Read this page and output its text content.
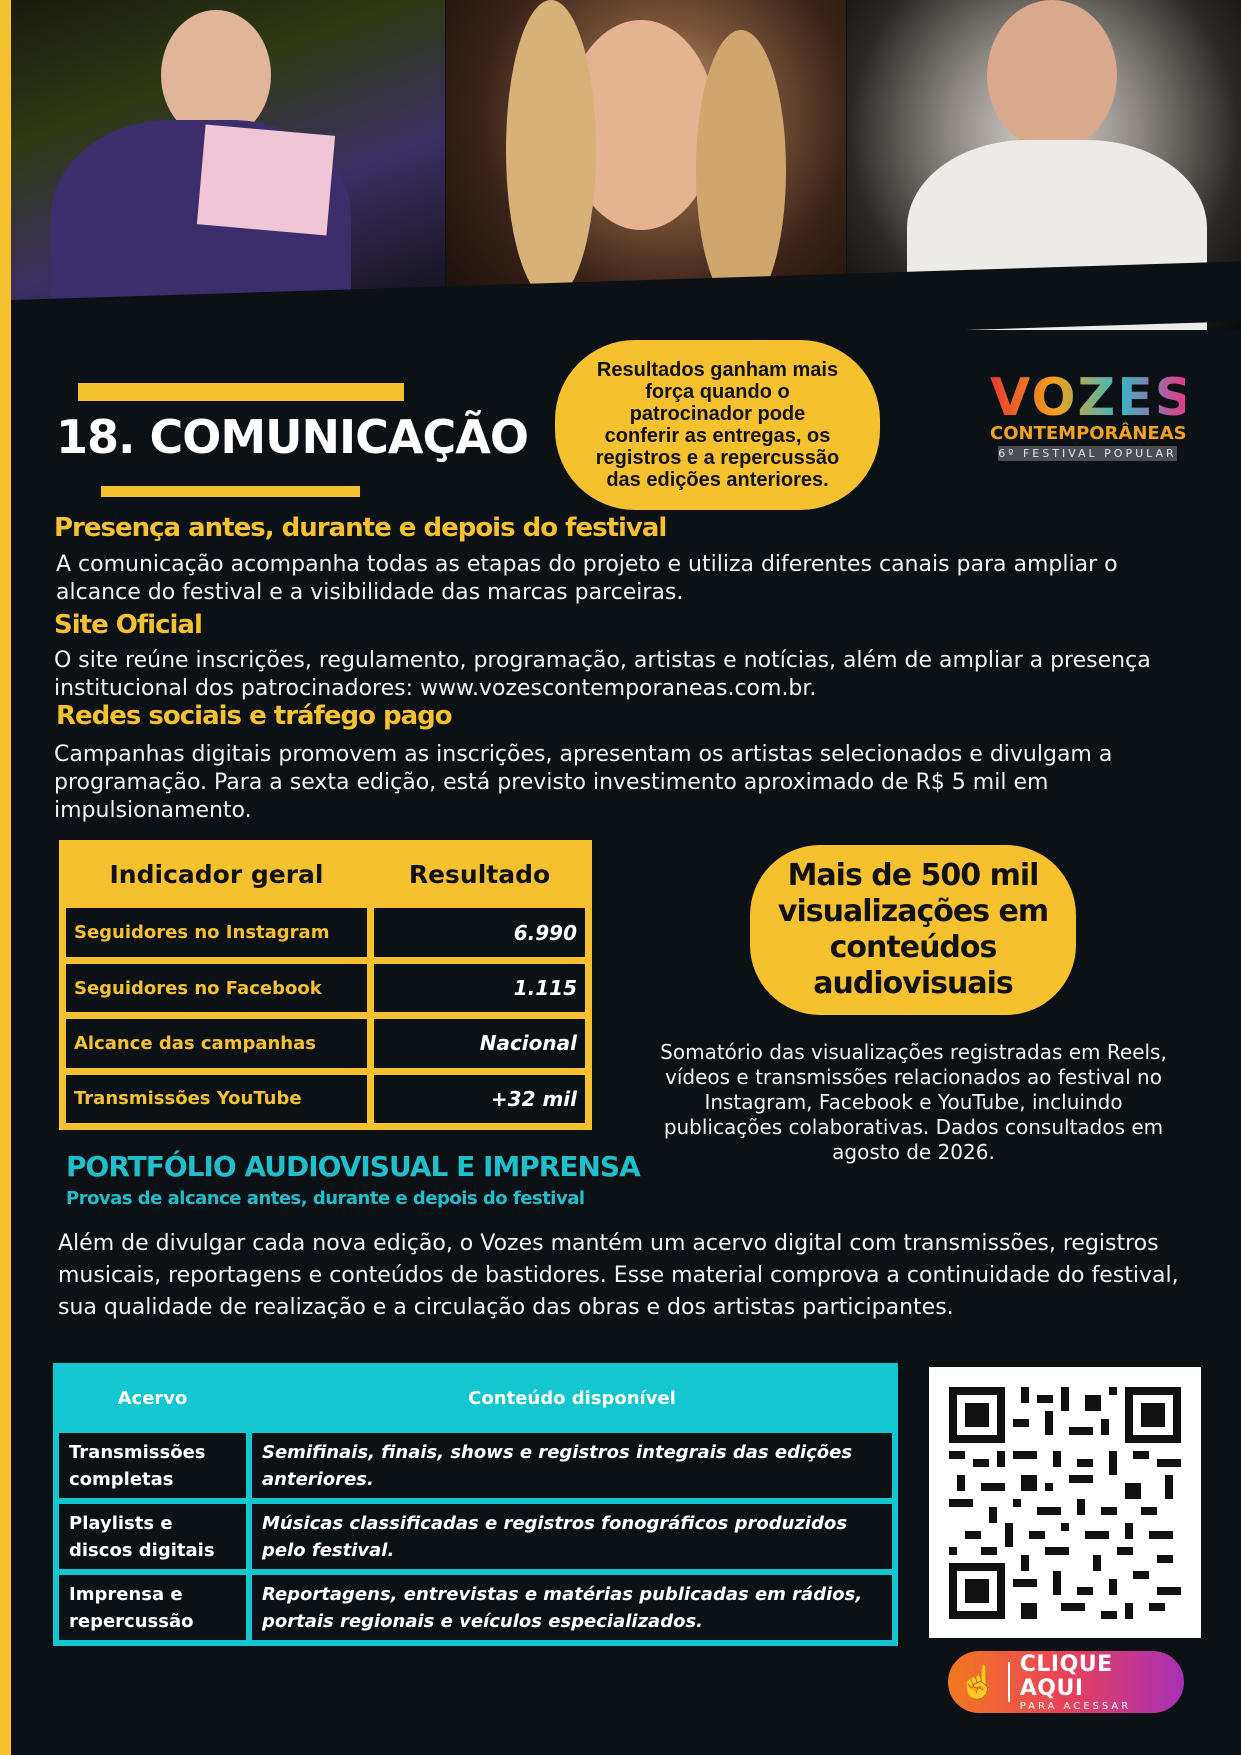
18. COMUNICAÇÃO
Resultados ganham mais força quando o patrocinador pode conferir as entregas, os registros e a repercussão das edições anteriores.
VOZES
CONTEMPORÂNEAS
6º FESTIVAL POPULAR
Presença antes, durante e depois do festival
A comunicação acompanha todas as etapas do projeto e utiliza diferentes canais para ampliar o alcance do festival e a visibilidade das marcas parceiras.
Site Oficial
O site reúne inscrições, regulamento, programação, artistas e notícias, além de ampliar a presença institucional dos patrocinadores: www.vozescontemporaneas.com.br.
Redes sociais e tráfego pago
Campanhas digitais promovem as inscrições, apresentam os artistas selecionados e divulgam a programação. Para a sexta edição, está previsto investimento aproximado de R$ 5 mil em impulsionamento.
Indicador geral	Resultado
Seguidores no Instagram	6.990
Seguidores no Facebook	1.115
Alcance das campanhas	Nacional
Transmissões YouTube	+32 mil
Mais de 500 mil visualizações em conteúdos audiovisuais
Somatório das visualizações registradas em Reels, vídeos e transmissões relacionados ao festival no Instagram, Facebook e YouTube, incluindo publicações colaborativas. Dados consultados em agosto de 2026.
PORTFÓLIO AUDIOVISUAL E IMPRENSA
Provas de alcance antes, durante e depois do festival
Além de divulgar cada nova edição, o Vozes mantém um acervo digital com transmissões, registros musicais, reportagens e conteúdos de bastidores. Esse material comprova a continuidade do festival, sua qualidade de realização e a circulação das obras e dos artistas participantes.
Acervo	Conteúdo disponível
Transmissões completas	Semifinais, finais, shows e registros integrais das edições anteriores.
Playlists e discos digitais	Músicas classificadas e registros fonográficos produzidos pelo festival.
Imprensa e repercussão	Reportagens, entrevistas e matérias publicadas em rádios, portais regionais e veículos especializados.
☝ CLIQUE AQUI
PARA ACESSAR
